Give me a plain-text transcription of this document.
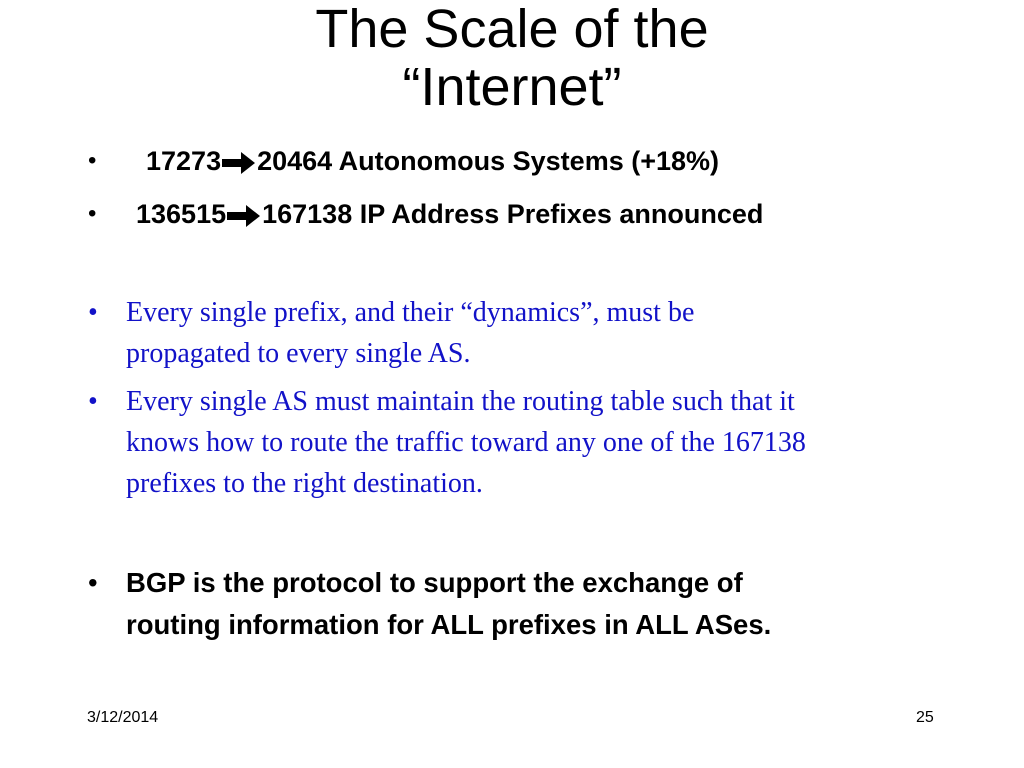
The Scale of the
“Internet”
• 17273 20464 Autonomous Systems (+18%)
• 136515 167138 IP Address Prefixes announced
• Every single prefix, and their “dynamics”, must be
propagated to every single AS.
• Every single AS must maintain the routing table such that it
knows how to route the traffic toward any one of the 167138
prefixes to the right destination.
• BGP is the protocol to support the exchange of
routing information for ALL prefixes in ALL ASes.
3/12/2014	25
